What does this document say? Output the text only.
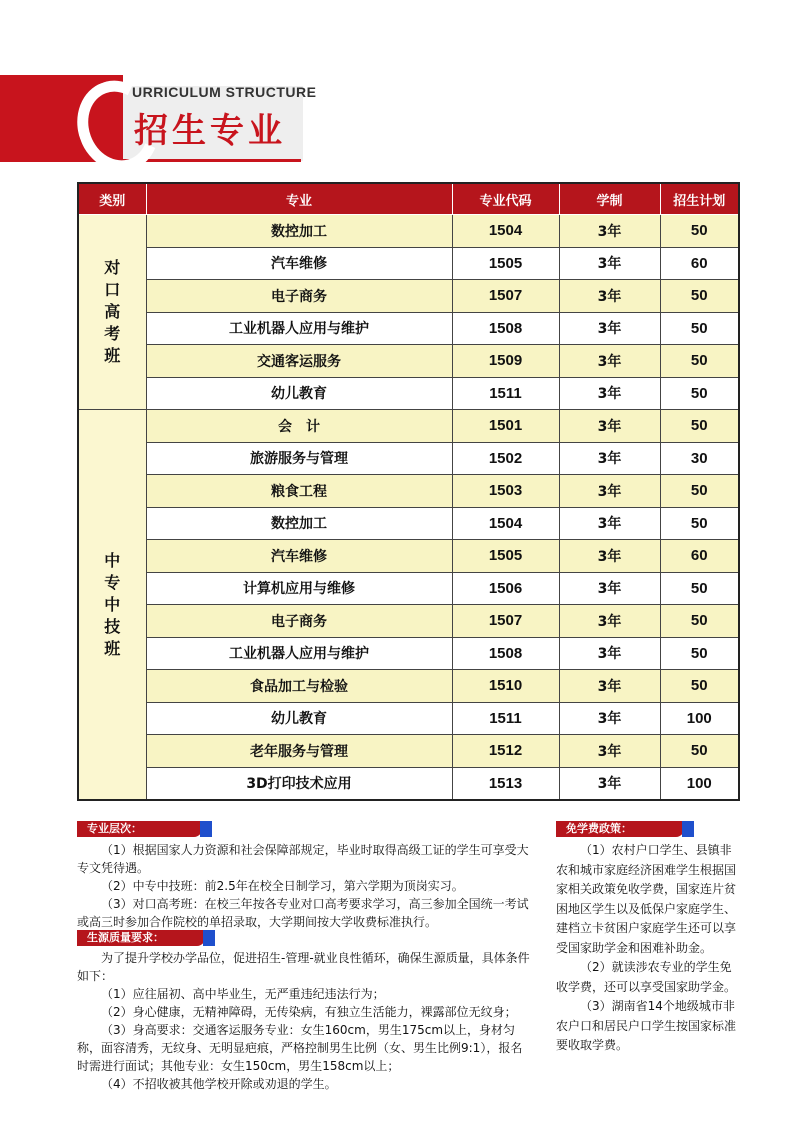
URRICULUM STRUCTURE
招生专业
类别	专业	专业代码	学制	招生计划
对口高考班	数控加工	1504	3年	50
	汽车维修	1505	3年	60
	电子商务	1507	3年	50
	工业机器人应用与维护	1508	3年	50
	交通客运服务	1509	3年	50
	幼儿教育	1511	3年	50
中专中技班	会　计	1501	3年	50
	旅游服务与管理	1502	3年	30
	粮食工程	1503	3年	50
	数控加工	1504	3年	50
	汽车维修	1505	3年	60
	计算机应用与维修	1506	3年	50
	电子商务	1507	3年	50
	工业机器人应用与维护	1508	3年	50
	食品加工与检验	1510	3年	50
	幼儿教育	1511	3年	100
	老年服务与管理	1512	3年	50
	3D打印技术应用	1513	3年	100
专业层次：

（1）根据国家人力资源和社会保障部规定，毕业时取得高级工证的学生可享受大专文凭待遇。

（2）中专中技班：前2.5年在校全日制学习，第六学期为顶岗实习。

（3）对口高考班：在校三年按各专业对口高考要求学习，高三参加全国统一考试或高三时参加合作院校的单招录取，大学期间按大学收费标准执行。

生源质量要求：

为了提升学校办学品位，促进招生-管理-就业良性循环，确保生源质量，具体条件如下：

（1）应往届初、高中毕业生，无严重违纪违法行为；

（2）身心健康，无精神障碍，无传染病，有独立生活能力，裸露部位无纹身；

（3）身高要求：交通客运服务专业：女生160cm，男生175cm以上，身材匀称，面容清秀，无纹身、无明显疤痕，严格控制男生比例（女、男生比例9:1），报名时需进行面试；其他专业：女生150cm，男生158cm以上；

（4）不招收被其他学校开除或劝退的学生。

免学费政策：

（1）农村户口学生、县镇非农和城市家庭经济困难学生根据国家相关政策免收学费，国家连片贫困地区学生以及低保户家庭学生、建档立卡贫困户家庭学生还可以享受国家助学金和困难补助金。

（2）就读涉农专业的学生免收学费，还可以享受国家助学金。

（3）湖南省14个地级城市非农户口和居民户口学生按国家标准要收取学费。
